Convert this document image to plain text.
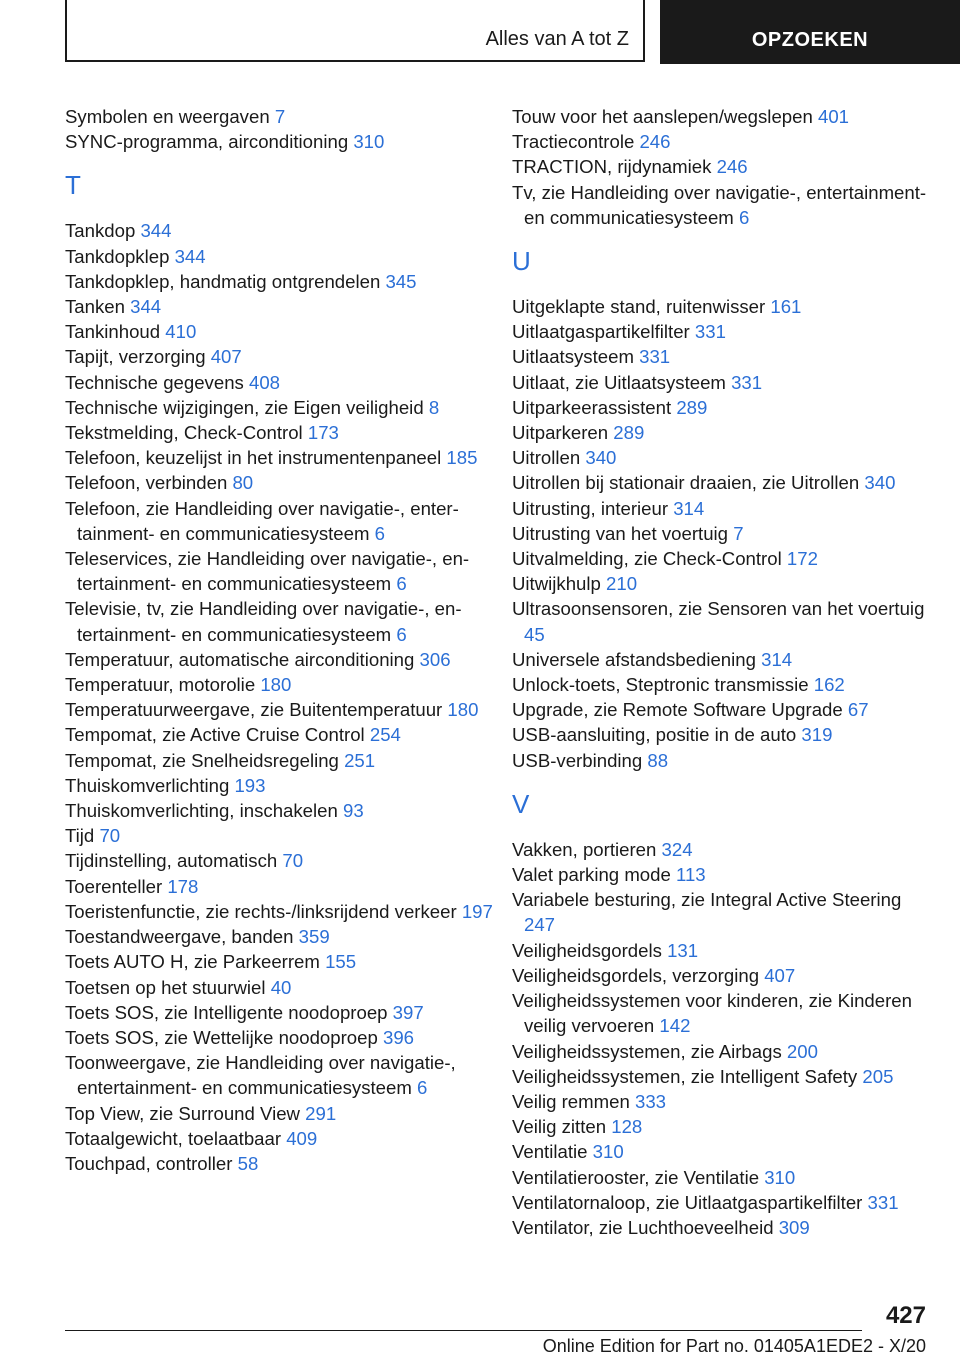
Alles van A tot Z	OPZOEKEN
Symbolen en weergaven 7
SYNC-programma, airconditioning 310
T
Tankdop 344
Tankdopklep 344
Tankdopklep, handmatig ontgrendelen 345
Tanken 344
Tankinhoud 410
Tapijt, verzorging 407
Technische gegevens 408
Technische wijzigingen, zie Eigen veiligheid 8
Tekstmelding, Check-Control 173
Telefoon, keuzelijst in het instrumentenpaneel 185
Telefoon, verbinden 80
Telefoon, zie Handleiding over navigatie-, entertainment- en communicatiesysteem 6
Teleservices, zie Handleiding over navigatie-, entertainment- en communicatiesysteem 6
Televisie, tv, zie Handleiding over navigatie-, entertainment- en communicatiesysteem 6
Temperatuur, automatische airconditioning 306
Temperatuur, motorolie 180
Temperatuurweergave, zie Buitentemperatuur 180
Tempomat, zie Active Cruise Control 254
Tempomat, zie Snelheidsregeling 251
Thuiskomverlichting 193
Thuiskomverlichting, inschakelen 93
Tijd 70
Tijdinstelling, automatisch 70
Toerenteller 178
Toeristenfunctie, zie rechts-/linksrijdend verkeer 197
Toestandweergave, banden 359
Toets AUTO H, zie Parkeerrem 155
Toetsen op het stuurwiel 40
Toets SOS, zie Intelligente noodoproep 397
Toets SOS, zie Wettelijke noodoproep 396
Toonweergave, zie Handleiding over navigatie-, entertainment- en communicatiesysteem 6
Top View, zie Surround View 291
Totaalgewicht, toelaatbaar 409
Touchpad, controller 58
Touw voor het aanslepen/wegslepen 401
Tractiecontrole 246
TRACTION, rijdynamiek 246
Tv, zie Handleiding over navigatie-, entertainment- en communicatiesysteem 6
U
Uitgeklapte stand, ruitenwisser 161
Uitlaatgaspartikelfilter 331
Uitlaatsysteem 331
Uitlaat, zie Uitlaatsysteem 331
Uitparkeerassistent 289
Uitparkeren 289
Uitrollen 340
Uitrollen bij stationair draaien, zie Uitrollen 340
Uitrusting, interieur 314
Uitrusting van het voertuig 7
Uitvalmelding, zie Check-Control 172
Uitwijkhulp 210
Ultrasoonsensoren, zie Sensoren van het voertuig 45
Universele afstandsbediening 314
Unlock-toets, Steptronic transmissie 162
Upgrade, zie Remote Software Upgrade 67
USB-aansluiting, positie in de auto 319
USB-verbinding 88
V
Vakken, portieren 324
Valet parking mode 113
Variabele besturing, zie Integral Active Steering 247
Veiligheidsgordels 131
Veiligheidsgordels, verzorging 407
Veiligheidssystemen voor kinderen, zie Kinderen veilig vervoeren 142
Veiligheidssystemen, zie Airbags 200
Veiligheidssystemen, zie Intelligent Safety 205
Veilig remmen 333
Veilig zitten 128
Ventilatie 310
Ventilatierooster, zie Ventilatie 310
Ventilatornaloop, zie Uitlaatgaspartikelfilter 331
Ventilator, zie Luchthoeveelheid 309
427
Online Edition for Part no. 01405A1EDE2 - X/20
